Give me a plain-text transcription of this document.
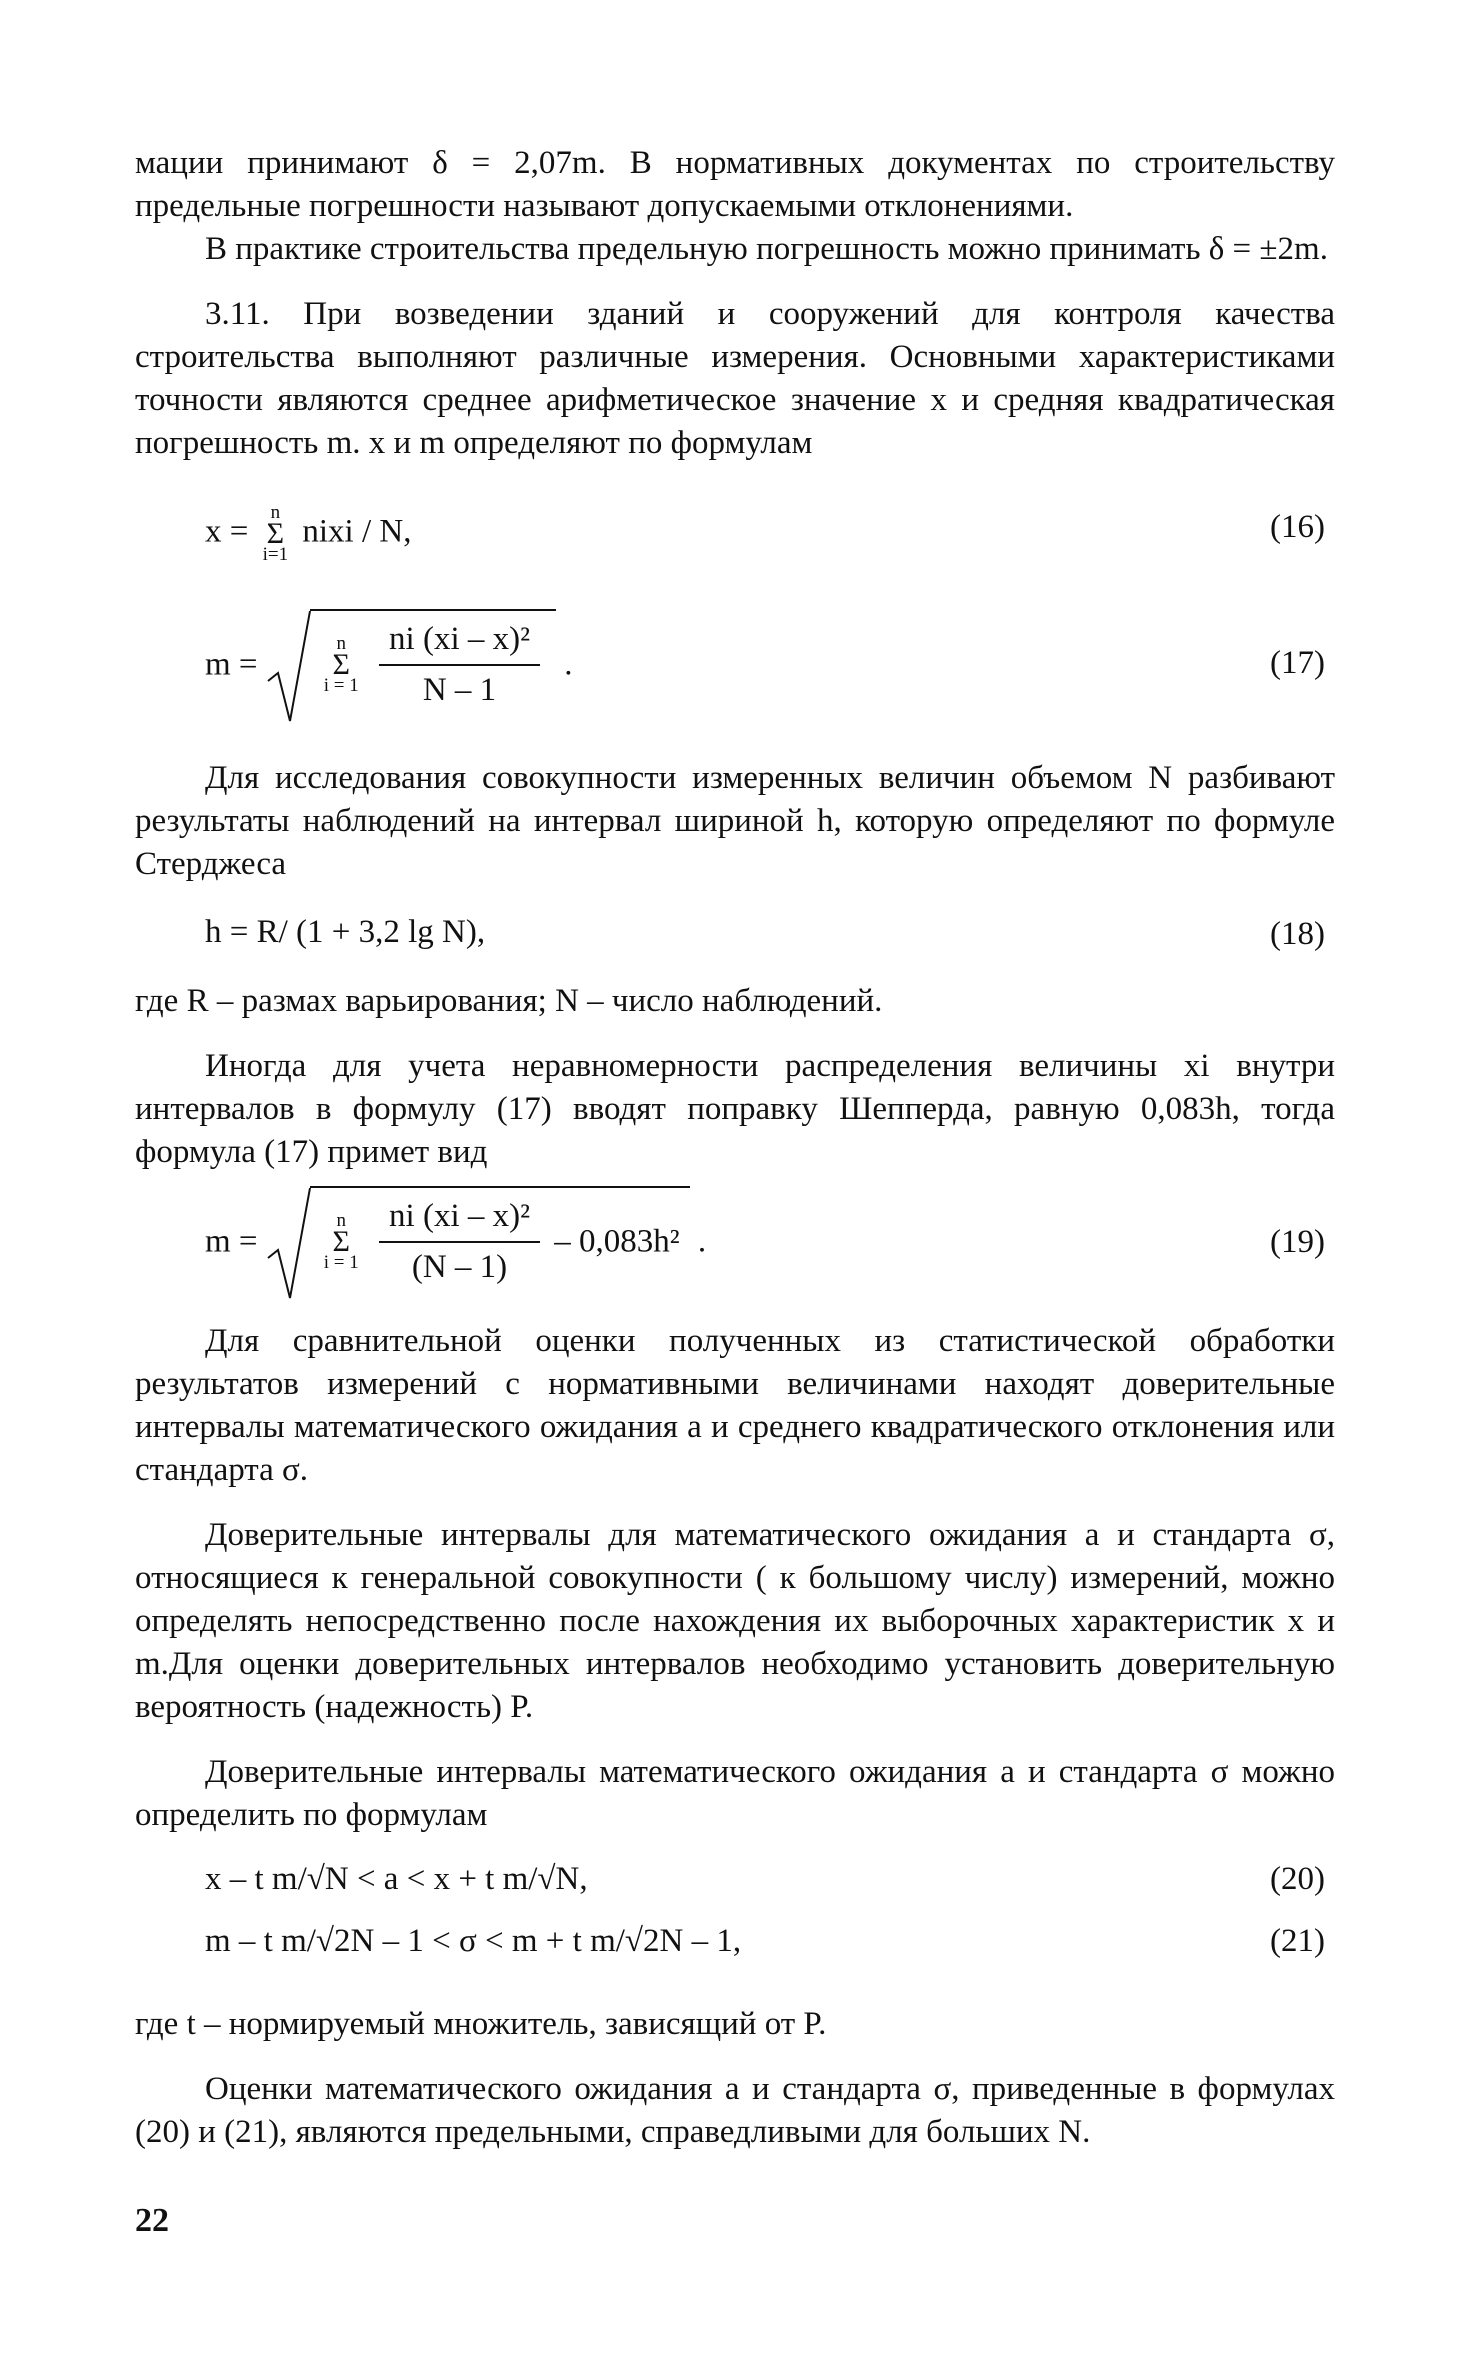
мации принимают δ = 2,07m. В нормативных документах по строительству предельные погрешности называют допускаемыми отклонениями.

В практике строительства предельную погрешность можно принимать δ = ±2m.

3.11. При возведении зданий и сооружений для контроля качества строительства выполняют различные измерения. Основными характеристиками точности являются среднее арифметическое значение x и средняя квадратическая погрешность m. x и m определяют по формулам

x =
n
Σ
i=1
nixi / N,	(16)
m =
n
Σ
i = 1
$\frac{\text{ni (xi – x)²}}{N - 1}$ .	(17)

Для исследования совокупности измеренных величин объемом N разбивают результаты наблюдений на интервал шириной h, которую определяют по формуле Стерджеса

h = R/ (1 + 3,2 lg N),	(18)

где R – размах варьирования; N – число наблюдений.

Иногда для учета неравномерности распределения величины xi внутри интервалов в формулу (17) вводят поправку Шепперда, равную 0,083h, тогда формула (17) примет вид

m =
n
Σ
i = 1
$\frac{\text{ni (xi – x)²}}{(N - 1)} - 0,083h^2$ .	(19)

Для сравнительной оценки полученных из статистической обработки результатов измерений с нормативными величинами находят доверительные интервалы математического ожидания a и среднего квадратического отклонения или стандарта σ.

Доверительные интервалы для математического ожидания a и стандарта σ, относящиеся к генеральной совокупности ( к большому числу) измерений, можно определять непосредственно после нахождения их выборочных характеристик x и m.Для оценки доверительных интервалов необходимо установить доверительную вероятность (надежность) P.

Доверительные интервалы математического ожидания a и стандарта σ можно определить по формулам

x – t m/√N < a < x + t m/√N,	(20)
m – t m/√2N – 1 < σ < m + t m/√2N – 1,	(21)

где t – нормируемый множитель, зависящий от P.

Оценки математического ожидания a и стандарта σ, приведенные в формулах (20) и (21), являются предельными, справедливыми для больших N.

22
